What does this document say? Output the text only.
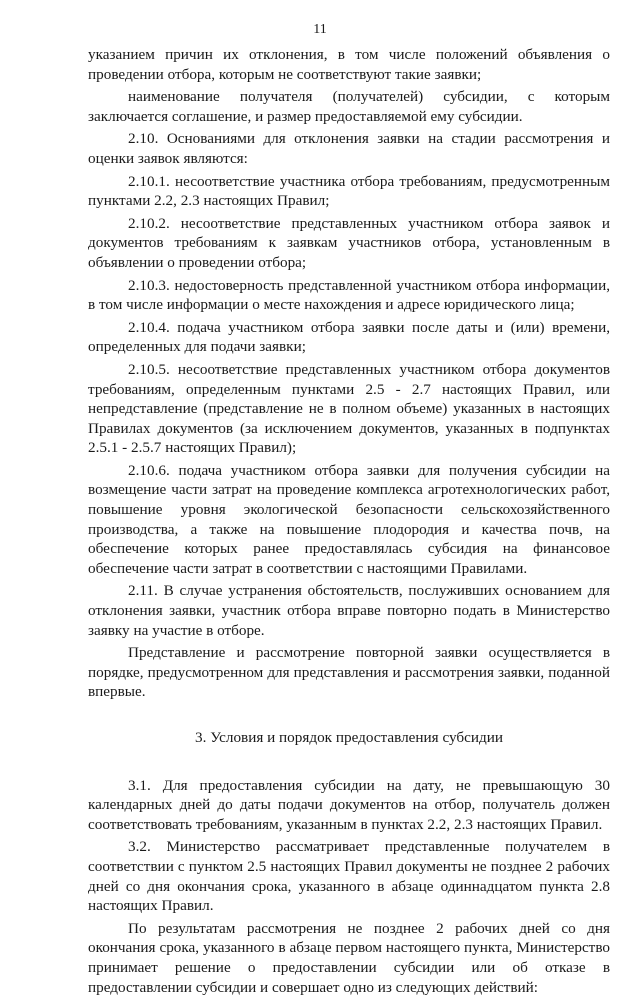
11

указанием причин их отклонения, в том числе положений объявления о проведении отбора, которым не соответствуют такие заявки;

наименование получателя (получателей) субсидии, с которым заключается соглашение, и размер предоставляемой ему субсидии.

2.10. Основаниями для отклонения заявки на стадии рассмотрения и оценки заявок являются:

2.10.1. несоответствие участника отбора требованиям, предусмотренным пунктами 2.2, 2.3 настоящих Правил;

2.10.2. несоответствие представленных участником отбора заявок и документов требованиям к заявкам участников отбора, установленным в объявлении о проведении отбора;

2.10.3. недостоверность представленной участником отбора информации, в том числе информации о месте нахождения и адресе юридического лица;

2.10.4. подача участником отбора заявки после даты и (или) времени, определенных для подачи заявки;

2.10.5. несоответствие представленных участником отбора документов требованиям, определенным пунктами 2.5 - 2.7 настоящих Правил, или непредставление (представление не в полном объеме) указанных в настоящих Правилах документов (за исключением документов, указанных в подпунктах 2.5.1 - 2.5.7 настоящих Правил);

2.10.6. подача участником отбора заявки для получения субсидии на возмещение части затрат на проведение комплекса агротехнологических работ, повышение уровня экологической безопасности сельскохозяйственного производства, а также на повышение плодородия и качества почв, на обеспечение которых ранее предоставлялась субсидия на финансовое обеспечение части затрат в соответствии с настоящими Правилами.

2.11. В случае устранения обстоятельств, послуживших основанием для отклонения заявки, участник отбора вправе повторно подать в Министерство заявку на участие в отборе.

Представление и рассмотрение повторной заявки осуществляется в порядке, предусмотренном для представления и рассмотрения заявки, поданной впервые.

3. Условия и порядок предоставления субсидии

3.1. Для предоставления субсидии на дату, не превышающую 30 календарных дней до даты подачи документов на отбор, получатель должен соответствовать требованиям, указанным в пунктах 2.2, 2.3 настоящих Правил.

3.2. Министерство рассматривает представленные получателем в соответствии с пунктом 2.5 настоящих Правил документы не позднее 2 рабочих дней со дня окончания срока, указанного в абзаце одиннадцатом пункта 2.8 настоящих Правил.

По результатам рассмотрения не позднее 2 рабочих дней со дня окончания срока, указанного в абзаце первом настоящего пункта, Министерство принимает решение о предоставлении субсидии или об отказе в предоставлении субсидии и совершает одно из следующих действий:
